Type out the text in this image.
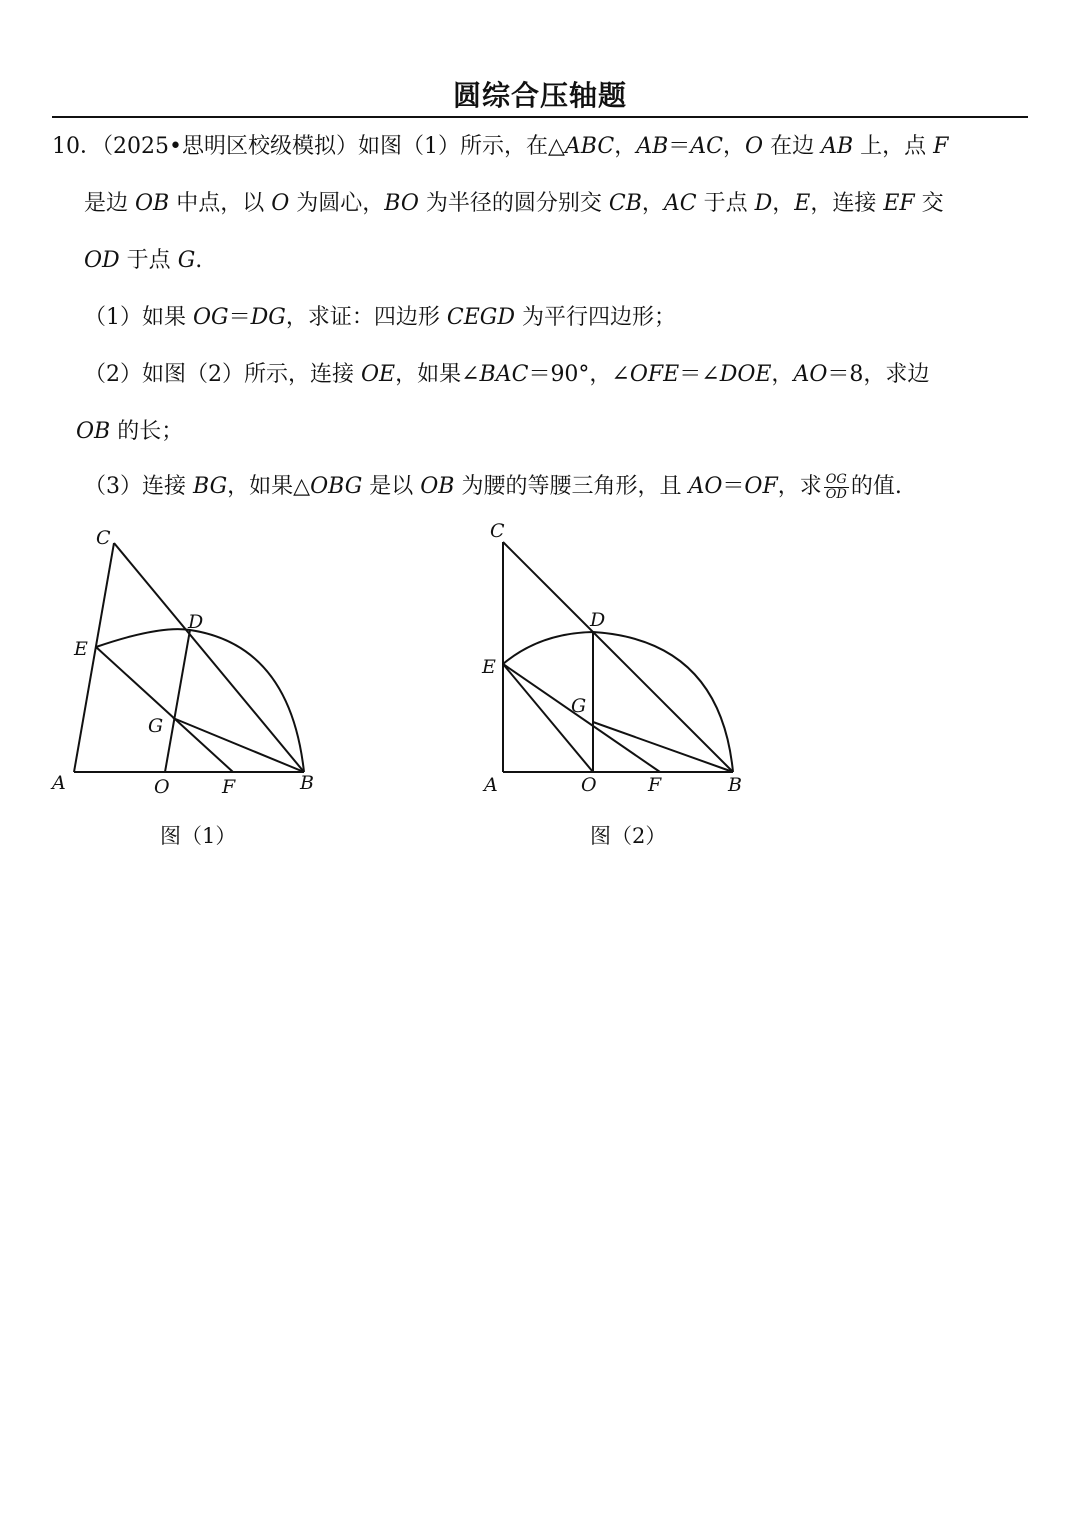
圆综合压轴题
10．（2025•思明区校级模拟）如图（1）所示，在△ABC，AB＝AC，O 在边 AB 上，点 F
是边 OB 中点，以 O 为圆心，BO 为半径的圆分别交 CB，AC 于点 D，E，连接 EF 交
OD 于点 G.
（1）如果 OG＝DG，求证：四边形 CEGD 为平行四边形；
（2）如图（2）所示，连接 OE，如果∠BAC＝90°，∠OFE＝∠DOE，AO＝8，求边
OB 的长；
（3）连接 BG，如果△OBG 是以 OB 为腰的等腰三角形，且 AO＝OF，求 $\frac{OG}{OD}$ 的值.
C
D
E
G
A	O	F	B
图（1）
C
D
E
G
A	O	F	B
图（2）
